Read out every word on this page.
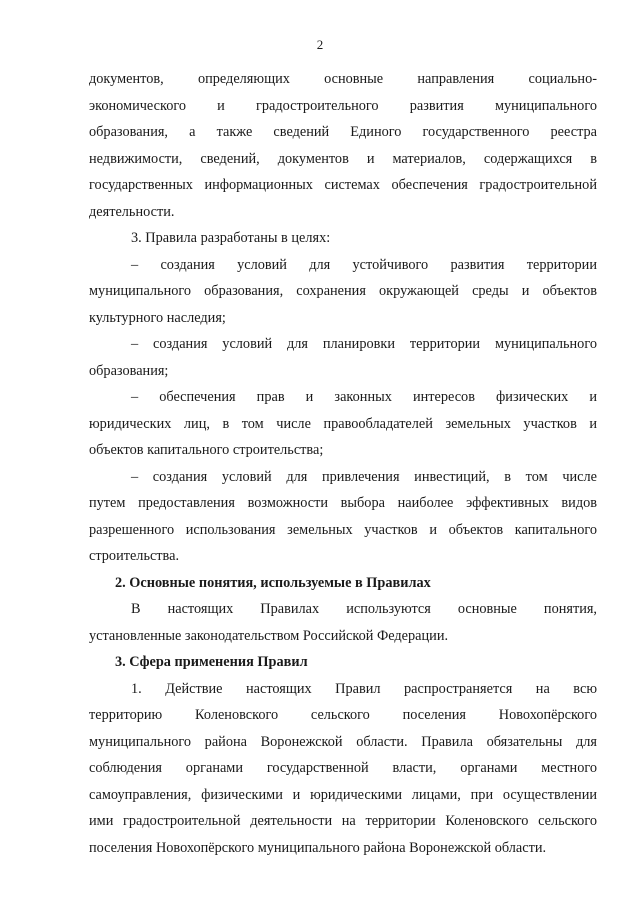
2
документов, определяющих основные направления социально-
экономического и градостроительного развития муниципального
образования, а также сведений Единого государственного реестра
недвижимости, сведений, документов и материалов, содержащихся в
государственных информационных системах обеспечения градостроительной
деятельности.
3. Правила разработаны в целях:
– создания условий для устойчивого развития территории
муниципального образования, сохранения окружающей среды и объектов
культурного наследия;
– создания условий для планировки территории муниципального
образования;
– обеспечения прав и законных интересов физических и
юридических лиц, в том числе правообладателей земельных участков и
объектов капитального строительства;
– создания условий для привлечения инвестиций, в том числе
путем предоставления возможности выбора наиболее эффективных видов
разрешенного использования земельных участков и объектов капитального
строительства.
2. Основные понятия, используемые в Правилах
В настоящих Правилах используются основные понятия,
установленные законодательством Российской Федерации.
3. Сфера применения Правил
1. Действие настоящих Правил распространяется на всю
территорию Коленовского сельского поселения Новохопёрского
муниципального района Воронежской области. Правила обязательны для
соблюдения органами государственной власти, органами местного
самоуправления, физическими и юридическими лицами, при осуществлении
ими градостроительной деятельности на территории Коленовского сельского
поселения Новохопёрского муниципального района Воронежской области.
